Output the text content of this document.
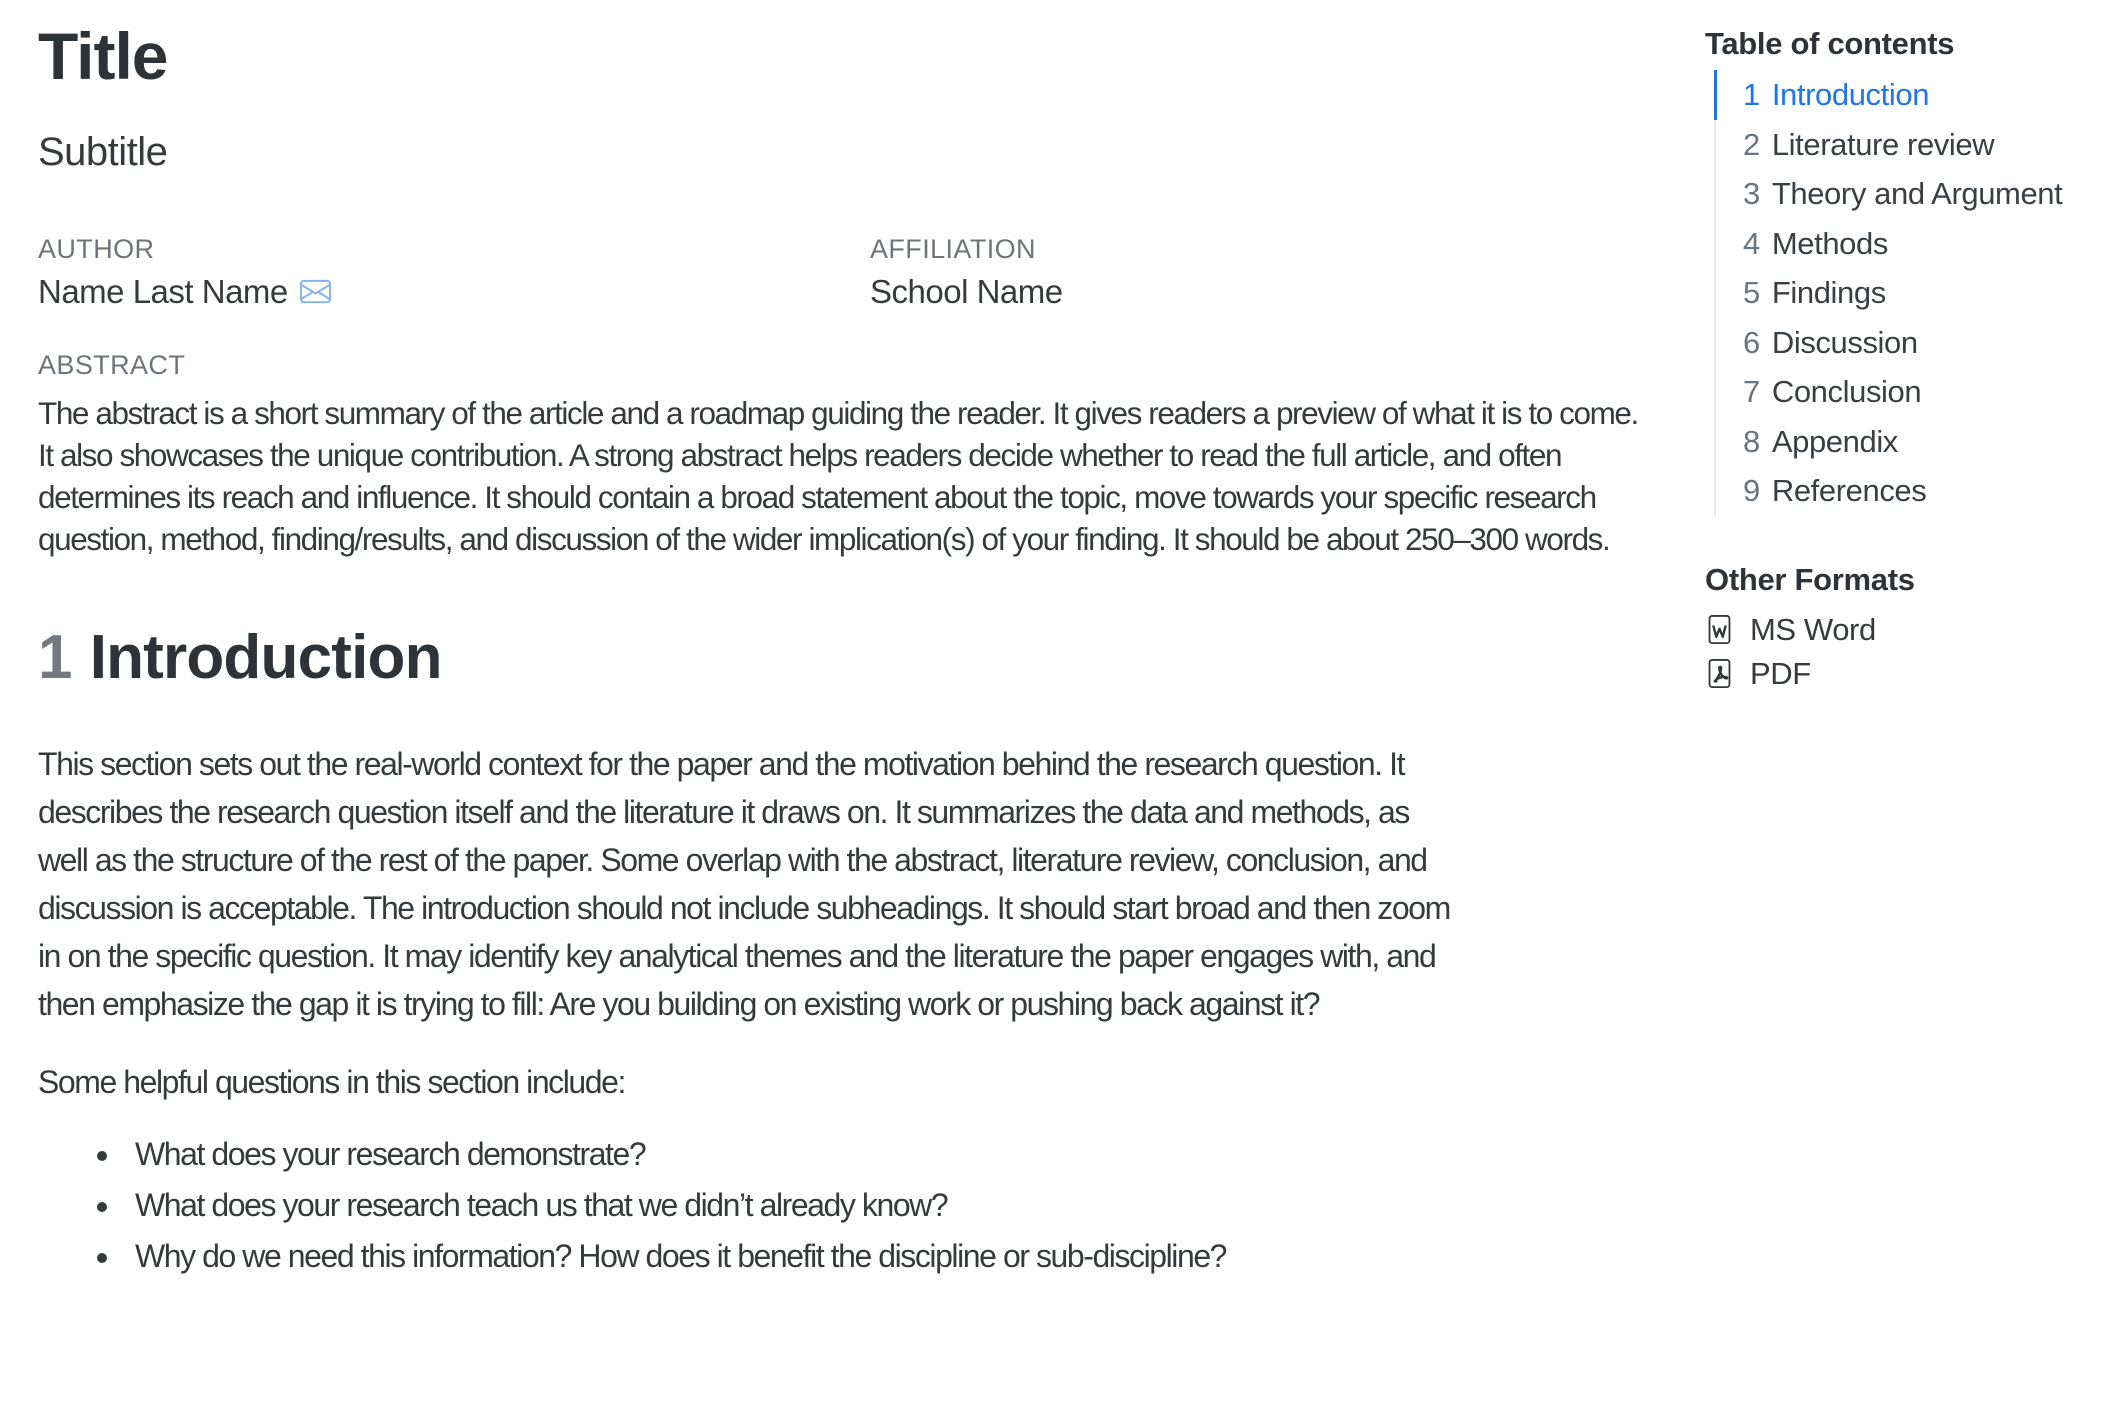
Title

Subtitle

AUTHOR
Name Last Name
AFFILIATION
School Name
ABSTRACT

The abstract is a short summary of the article and a roadmap guiding the reader. It gives readers a preview of what it is to come. It also showcases the unique contribution. A strong abstract helps readers decide whether to read the full article, and often determines its reach and influence. It should contain a broad statement about the topic, move towards your specific research question, method, finding/results, and discussion of the wider implication(s) of your finding. It should be about 250–300 words.

1 Introduction

This section sets out the real-world context for the paper and the motivation behind the research question. It describes the research question itself and the literature it draws on. It summarizes the data and methods, as well as the structure of the rest of the paper. Some overlap with the abstract, literature review, conclusion, and discussion is acceptable. The introduction should not include subheadings. It should start broad and then zoom in on the specific question. It may identify key analytical themes and the literature the paper engages with, and then emphasize the gap it is trying to fill: Are you building on existing work or pushing back against it?

Some helpful questions in this section include:

• What does your research demonstrate?
• What does your research teach us that we didn’t already know?
• Why do we need this information? How does it benefit the discipline or sub-discipline?
Table of contents
1 Introduction
2 Literature review
3 Theory and Argument
4 Methods
5 Findings
6 Discussion
7 Conclusion
8 Appendix
9 References
Other Formats
MS Word
PDF
